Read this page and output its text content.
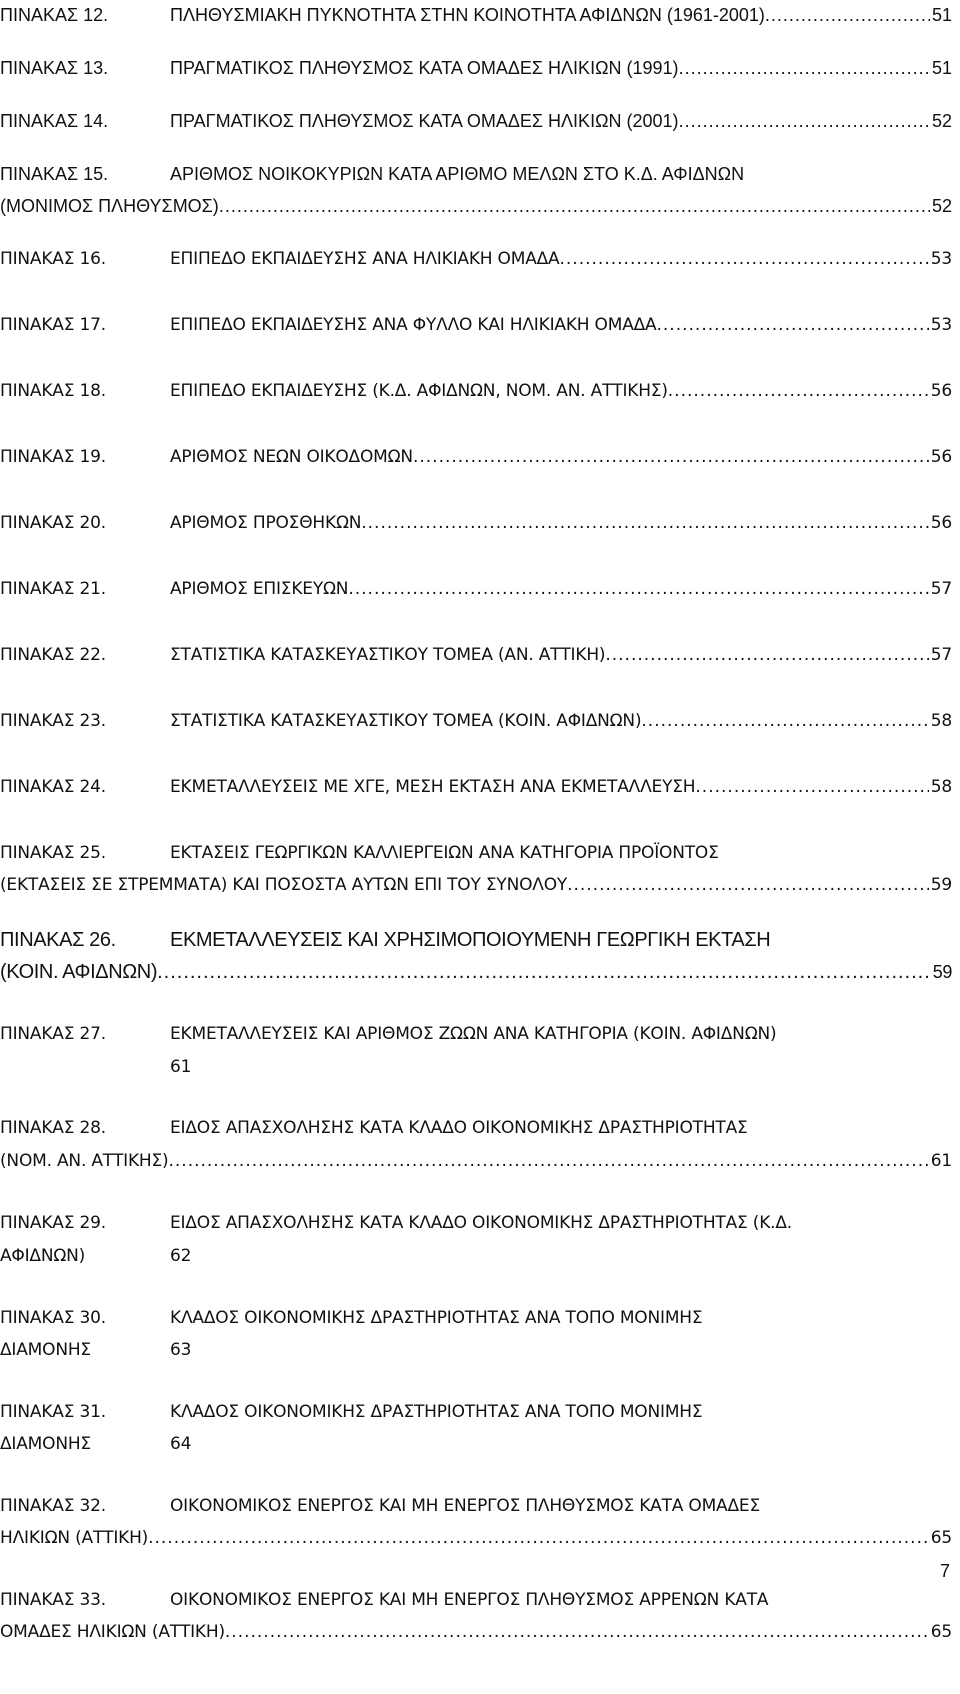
ΠΙΝΑΚΑΣ 12.	ΠΛΗΘΥΣΜΙΑΚΗ ΠΥΚΝΟΤΗΤΑ ΣΤΗΝ ΚΟΙΝΟΤΗΤΑ ΑΦΙΔΝΩΝ (1961-2001) .....	51
ΠΙΝΑΚΑΣ 13.	ΠΡΑΓΜΑΤΙΚΟΣ ΠΛΗΘΥΣΜΟΣ ΚΑΤΑ ΟΜΑΔΕΣ ΗΛΙΚΙΩΝ (1991) .....	51
ΠΙΝΑΚΑΣ 14.	ΠΡΑΓΜΑΤΙΚΟΣ ΠΛΗΘΥΣΜΟΣ ΚΑΤΑ ΟΜΑΔΕΣ ΗΛΙΚΙΩΝ (2001) .....	52
ΠΙΝΑΚΑΣ 15.	ΑΡΙΘΜΟΣ ΝΟΙΚΟΚΥΡΙΩΝ ΚΑΤΑ ΑΡΙΘΜΟ ΜΕΛΩΝ ΣΤΟ Κ.Δ. ΑΦΙΔΝΩΝ
(ΜΟΝΙΜΟΣ ΠΛΗΘΥΣΜΟΣ) .....	52
ΠΙΝΑΚΑΣ 16.	ΕΠΙΠΕΔΟ ΕΚΠΑΙΔΕΥΣΗΣ ΑΝΑ ΗΛΙΚΙΑΚΗ ΟΜΑΔΑ .....	53
ΠΙΝΑΚΑΣ 17.	ΕΠΙΠΕΔΟ ΕΚΠΑΙΔΕΥΣΗΣ ΑΝΑ ΦΥΛΛΟ ΚΑΙ ΗΛΙΚΙΑΚΗ ΟΜΑΔΑ .....	53
ΠΙΝΑΚΑΣ 18.	ΕΠΙΠΕΔΟ ΕΚΠΑΙΔΕΥΣΗΣ (Κ.Δ. ΑΦΙΔΝΩΝ, ΝΟΜ. ΑΝ. ΑΤΤΙΚΗΣ) .....	56
ΠΙΝΑΚΑΣ 19.	ΑΡΙΘΜΟΣ ΝΕΩΝ ΟΙΚΟΔΟΜΩΝ .....	56
ΠΙΝΑΚΑΣ 20.	ΑΡΙΘΜΟΣ ΠΡΟΣΘΗΚΩΝ .....	56
ΠΙΝΑΚΑΣ 21.	ΑΡΙΘΜΟΣ ΕΠΙΣΚΕΥΩΝ .....	57
ΠΙΝΑΚΑΣ 22.	ΣΤΑΤΙΣΤΙΚΑ ΚΑΤΑΣΚΕΥΑΣΤΙΚΟΥ ΤΟΜΕΑ (ΑΝ. ΑΤΤΙΚΗ) .....	57
ΠΙΝΑΚΑΣ 23.	ΣΤΑΤΙΣΤΙΚΑ ΚΑΤΑΣΚΕΥΑΣΤΙΚΟΥ ΤΟΜΕΑ (ΚΟΙΝ. ΑΦΙΔΝΩΝ) .....	58
ΠΙΝΑΚΑΣ 24.	ΕΚΜΕΤΑΛΛΕΥΣΕΙΣ ΜΕ ΧΓΕ, ΜΕΣΗ ΕΚΤΑΣΗ ΑΝΑ ΕΚΜΕΤΑΛΛΕΥΣΗ .....	58
ΠΙΝΑΚΑΣ 25.	ΕΚΤΑΣΕΙΣ ΓΕΩΡΓΙΚΩΝ ΚΑΛΛΙΕΡΓΕΙΩΝ ΑΝΑ ΚΑΤΗΓΟΡΙΑ ΠΡΟΪΟΝΤΟΣ
(ΕΚΤΑΣΕΙΣ ΣΕ ΣΤΡΕΜΜΑΤΑ) ΚΑΙ ΠΟΣΟΣΤΑ ΑΥΤΩΝ ΕΠΙ ΤΟΥ ΣΥΝΟΛΟΥ .....	59
ΠΙΝΑΚΑΣ 26.	ΕΚΜΕΤΑΛΛΕΥΣΕΙΣ ΚΑΙ ΧΡΗΣΙΜΟΠΟΙΟΥΜΕΝΗ ΓΕΩΡΓΙΚΗ ΕΚΤΑΣΗ
(ΚΟΙΝ. ΑΦΙΔΝΩΝ) .....	59
ΠΙΝΑΚΑΣ 27.	ΕΚΜΕΤΑΛΛΕΥΣΕΙΣ ΚΑΙ ΑΡΙΘΜΟΣ ΖΩΩΝ ΑΝΑ ΚΑΤΗΓΟΡΙΑ (ΚΟΙΝ. ΑΦΙΔΝΩΝ)
61
ΠΙΝΑΚΑΣ 28.	ΕΙΔΟΣ ΑΠΑΣΧΟΛΗΣΗΣ ΚΑΤΑ ΚΛΑΔΟ ΟΙΚΟΝΟΜΙΚΗΣ ΔΡΑΣΤΗΡΙΟΤΗΤΑΣ
(ΝΟΜ. ΑΝ. ΑΤΤΙΚΗΣ) .....	61
ΠΙΝΑΚΑΣ 29.	ΕΙΔΟΣ ΑΠΑΣΧΟΛΗΣΗΣ ΚΑΤΑ ΚΛΑΔΟ ΟΙΚΟΝΟΜΙΚΗΣ ΔΡΑΣΤΗΡΙΟΤΗΤΑΣ (Κ.Δ.
ΑΦΙΔΝΩΝ)	62
ΠΙΝΑΚΑΣ 30.	ΚΛΑΔΟΣ ΟΙΚΟΝΟΜΙΚΗΣ ΔΡΑΣΤΗΡΙΟΤΗΤΑΣ ΑΝΑ ΤΟΠΟ ΜΟΝΙΜΗΣ
ΔΙΑΜΟΝΗΣ	63
ΠΙΝΑΚΑΣ 31.	ΚΛΑΔΟΣ ΟΙΚΟΝΟΜΙΚΗΣ ΔΡΑΣΤΗΡΙΟΤΗΤΑΣ ΑΝΑ ΤΟΠΟ ΜΟΝΙΜΗΣ
ΔΙΑΜΟΝΗΣ	64
ΠΙΝΑΚΑΣ 32.	ΟΙΚΟΝΟΜΙΚΟΣ ΕΝΕΡΓΟΣ ΚΑΙ ΜΗ ΕΝΕΡΓΟΣ ΠΛΗΘΥΣΜΟΣ ΚΑΤΑ ΟΜΑΔΕΣ
ΗΛΙΚΙΩΝ (ΑΤΤΙΚΗ) .....	65
ΠΙΝΑΚΑΣ 33.	ΟΙΚΟΝΟΜΙΚΟΣ ΕΝΕΡΓΟΣ ΚΑΙ ΜΗ ΕΝΕΡΓΟΣ ΠΛΗΘΥΣΜΟΣ ΑΡΡΕΝΩΝ ΚΑΤΑ
ΟΜΑΔΕΣ ΗΛΙΚΙΩΝ (ΑΤΤΙΚΗ) .....	65
7
